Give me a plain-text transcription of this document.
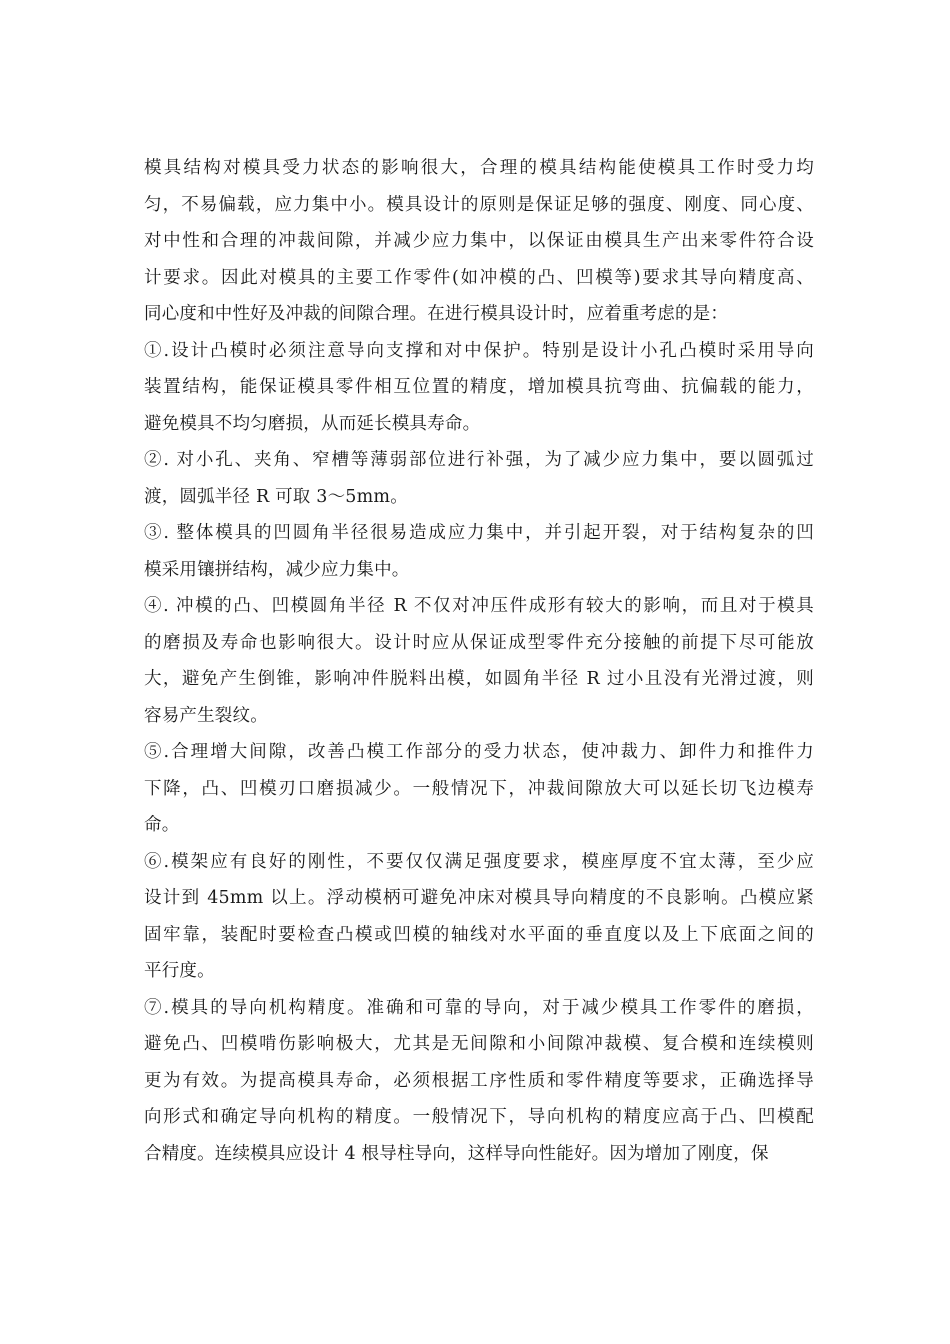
模具结构对模具受力状态的影响很大，合理的模具结构能使模具工作时受力均
匀，不易偏载，应力集中小。模具设计的原则是保证足够的强度、刚度、同心度、
对中性和合理的冲裁间隙，并减少应力集中，以保证由模具生产出来零件符合设
计要求。因此对模具的主要工作零件(如冲模的凸、凹模等)要求其导向精度高、
同心度和中性好及冲裁的间隙合理。在进行模具设计时，应着重考虑的是：
①.设计凸模时必须注意导向支撑和对中保护。特别是设计小孔凸模时采用导向
装置结构，能保证模具零件相互位置的精度，增加模具抗弯曲、抗偏载的能力，
避免模具不均匀磨损，从而延长模具寿命。
②. 对小孔、夹角、窄槽等薄弱部位进行补强，为了减少应力集中，要以圆弧过
渡，圆弧半径 R 可取 3～5mm。
③. 整体模具的凹圆角半径很易造成应力集中，并引起开裂，对于结构复杂的凹
模采用镶拼结构，减少应力集中。
④. 冲模的凸、凹模圆角半径 R 不仅对冲压件成形有较大的影响，而且对于模具
的磨损及寿命也影响很大。设计时应从保证成型零件充分接触的前提下尽可能放
大，避免产生倒锥，影响冲件脱料出模，如圆角半径 R 过小且没有光滑过渡，则
容易产生裂纹。
⑤.合理增大间隙，改善凸模工作部分的受力状态，使冲裁力、卸件力和推件力
下降，凸、凹模刃口磨损减少。一般情况下，冲裁间隙放大可以延长切飞边模寿
命。
⑥.模架应有良好的刚性，不要仅仅满足强度要求，模座厚度不宜太薄，至少应
设计到 45mm 以上。浮动模柄可避免冲床对模具导向精度的不良影响。凸模应紧
固牢靠，装配时要检查凸模或凹模的轴线对水平面的垂直度以及上下底面之间的
平行度。
⑦.模具的导向机构精度。准确和可靠的导向，对于减少模具工作零件的磨损，
避免凸、凹模啃伤影响极大，尤其是无间隙和小间隙冲裁模、复合模和连续模则
更为有效。为提高模具寿命，必须根据工序性质和零件精度等要求，正确选择导
向形式和确定导向机构的精度。一般情况下，导向机构的精度应高于凸、凹模配
合精度。连续模具应设计 4 根导柱导向，这样导向性能好。因为增加了刚度，保
